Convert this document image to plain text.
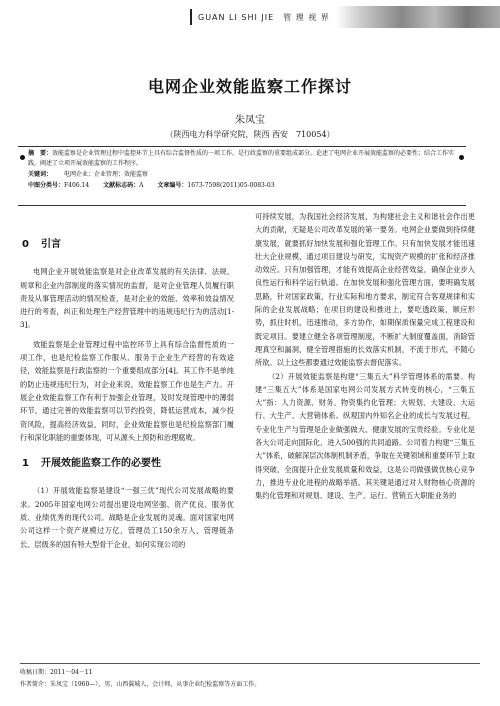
GUAN LI SHI JIE　管 理 视 界
电网企业效能监察工作探讨
朱凤宝
（陕西电力科学研究院，陕西 西安　710054）
摘　要：效能监察是企业管理过程中监控环节上具有综合监督性质的一项工作，是行政监察的重要组成部分。论述了电网企业开展效能监察的必要性；结合工作实践，阐述了立项开展效能监察的工作程序。
关键词： 电网企业；企业管理；效能监察
中图分类号：F406.14 文献标志码：A 文章编号：1673-7598(2011)05-0083-03
0 引言

电网企业开展效能监察是对企业改革发展的有关法律、法规、规章和企业内部制度的落实情况的监督，是对企业管理人员履行职责及从事管理活动的情况检查，是对企业的效能、效率和效益情况进行的考查，纠正和处理生产经营管理中的违规违纪行为的活动[1-3]。

效能监察是企业管理过程中监控环节上具有综合监督性质的一项工作，也是纪检监察工作服从、服务于企业生产经营的有效途径，效能监察是行政监察的一个重要组成部分[4]。其工作不是单纯的防止违规违纪行为，对企业来说，效能监察工作也是生产力。开展企业效能监察工作有利于加强企业管理，及时发现管理中的薄弱环节，通过完善的效能监察可以节约投资，降低运营成本，减少投资风险，提高经济效益，同时，企业效能监察也是纪检监察部门履行和深化职能的重要体现，可从源头上预防和治理腐败。

1 开展效能监察工作的必要性

（1）开展效能监察是建设“一强三优”现代公司发展战略的要求。2005年国家电网公司提出建设电网坚强、资产优良、服务优质、业绩优秀的现代公司。战略是企业发展的灵魂。面对国家电网公司这样一个资产规模过万亿，管理员工150余万人，管理链条长、层级多的国有特大型骨干企业，如何实现公司的

可持续发展，为我国社会经济发展，为构建社会主义和谐社会作出更大的贡献，无疑是公司改革发展的第一要务。电网企业要做到持续健康发展，就要抓好加快发展和强化管理工作。只有加快发展才能迅速壮大企业规模，通过项目建设与研发，实现资产规模的扩张和经济推动效应。只有加强管理，才能有效提高企业经营效益，确保企业步入良性运行和科学运行轨道。在加快发展和强化管理方面，要明确发展思路，针对国家政策，行业实际和地方要求，制定符合客观规律和实际的企业发展战略；在项目的建设和推进上，要吃透政策，顺应形势，抓住时机，迅速推动，多方协作，如期保质保量完成工程建设和既定项目。要建立健全各项管理制度，不断扩大制度覆盖面，消除管理真空和漏洞，健全管理措施的长效落实机制，不流于形式，不随心所欲。以上这些都要通过效能监察去督促落实。

（2）开展效能监察是构建“三集五大”科学管理体系的需要。构建“三集五大”体系是国家电网公司发展方式转变的核心，“三集五大”指：人力资源、财务、物资集约化管理；大规划、大建设、大运行、大生产、大营销体系。纵观国内外知名企业的成长与发展过程，专业化生产与管理是企业做强做大、健康发展的宝贵经验。专业化是各大公司走向国际化、进入500强的共同道路。公司着力构建“三集五大”体系，破解深层次体制机制矛盾，争取在关键领域和重要环节上取得突破，全面提升企业发展质量和效益，这是公司做强做优核心竞争力，推进专业化进程的战略举措。其关键是通过对人财物核心资源的集约化管理和对规划、建设、生产、运行、营销五大职能业务的

收稿日期：2011－04－11
作者简介：朱凤宝（1960—），男，山西翼城人，会计师，从事企业纪检监察等方面工作。
